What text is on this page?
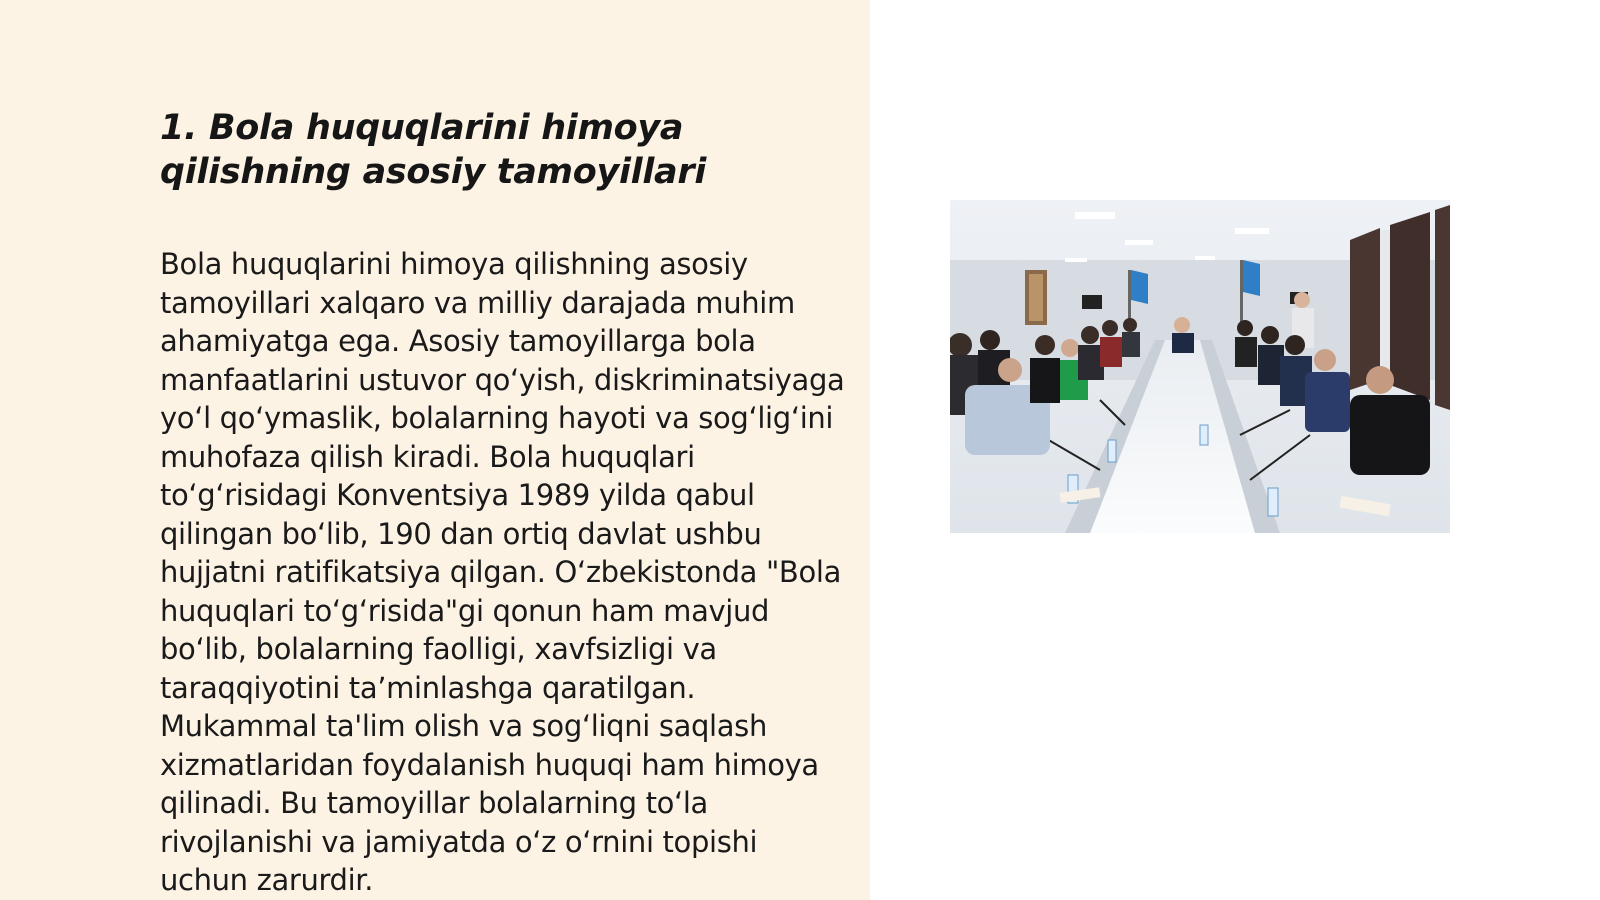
1. Bola huquqlarini himoya qilishning asosiy tamoyillari

Bola huquqlarini himoya qilishning asosiy tamoyillari xalqaro va milliy darajada muhim ahamiyatga ega. Asosiy tamoyillarga bola manfaatlarini ustuvor qo‘yish, diskriminatsiyaga yo‘l qo‘ymaslik, bolalarning hayoti va sog‘lig‘ini muhofaza qilish kiradi. Bola huquqlari to‘g‘risidagi Konventsiya 1989 yilda qabul qilingan bo‘lib, 190 dan ortiq davlat ushbu hujjatni ratifikatsiya qilgan. O‘zbekistonda "Bola huquqlari to‘g‘risida"gi qonun ham mavjud bo‘lib, bolalarning faolligi, xavfsizligi va taraqqiyotini ta’minlashga qaratilgan. Mukammal ta'lim olish va sog‘liqni saqlash xizmatlaridan foydalanish huquqi ham himoya qilinadi. Bu tamoyillar bolalarning to‘la rivojlanishi va jamiyatda o‘z o‘rnini topishi uchun zarurdir.
